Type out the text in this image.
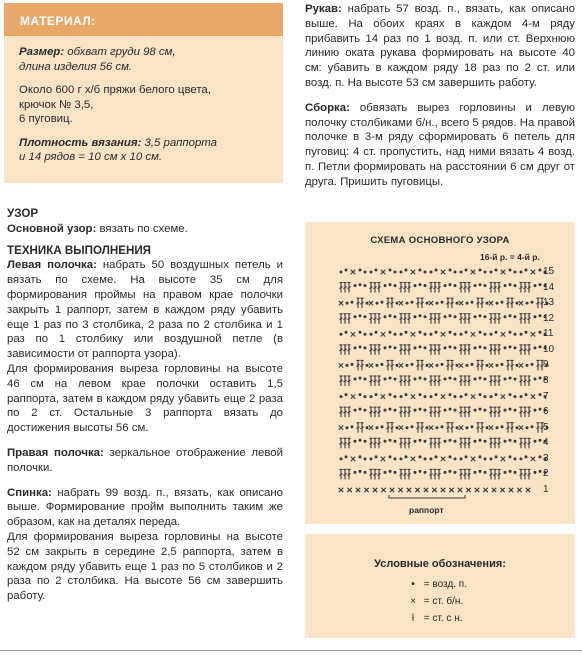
МАТЕРИАЛ:

Размер: обхват груди 98 см,
длина изделия 56 см.

Около 600 г х/б пряжи белого цвета,
крючок № 3,5,
6 пуговиц.

Плотность вязания: 3,5 раппорта
и 14 рядов = 10 см х 10 см.

УЗОР

Основной узор: вязать по схеме.

ТЕХНИКА ВЫПОЛНЕНИЯ

Левая полочка: набрать 50 воздушных петель и вязать по схеме. На высоте 35 см для формирования проймы на правом крае полочки закрыть 1 раппорт, затем в каждом ряду убавить еще 1 раз по 3 столбика, 2 раза по 2 столбика и 1 раз по 1 столбику или воздушной петле (в зависимости от раппорта узора).

Для формирования выреза горловины на высоте 46 см на левом крае полочки оставить 1,5 раппорта, затем в каждом ряду убавить еще 2 раза по 2 ст. Остальные 3 раппорта вязать до достижения высоты 56 см.

Правая полочка: зеркальное отображение левой полочки.

Спинка: набрать 99 возд. п., вязать, как описано выше. Формирование пройм выполнить таким же образом, как на деталях переда.

Для формирования выреза горловины на высоте 52 см закрыть в середине 2,5 раппорта, затем в каждом ряду убавить еще 1 раз по 5 столбиков и 2 раза по 2 столбика. На высоте 56 см завершить работу.

Рукав: набрать 57 возд. п., вязать, как описано выше. На обоих краях в каждом 4-м ряду прибавить 14 раз по 1 возд. п. или ст. Верхнюю линию оката рукава формировать на высоте 40 см: убавить в каждом ряду 18 раз по 2 ст. или возд. п. На высоте 53 см завершить работу.

Сборка: обвязать вырез горловины и левую полочку столбиками б/н., всего 5 рядов. На правой полочке в 3-м ряду сформировать 6 петель для пуговиц: 4 ст. пропустить, над ними вязать 4 возд. п. Петли формировать на расстоянии 6 см друг от друга. Пришить пуговицы.

СХЕМА ОСНОВНОГО УЗОРА
16-й р. = 4-й р.
15
14
13
12
11
10
9
8
7
6
5
4
3
2
1
раппорт
Условные обозначения:
• = возд. п.
× = ст. б/н.
ƚ = ст. с н.
